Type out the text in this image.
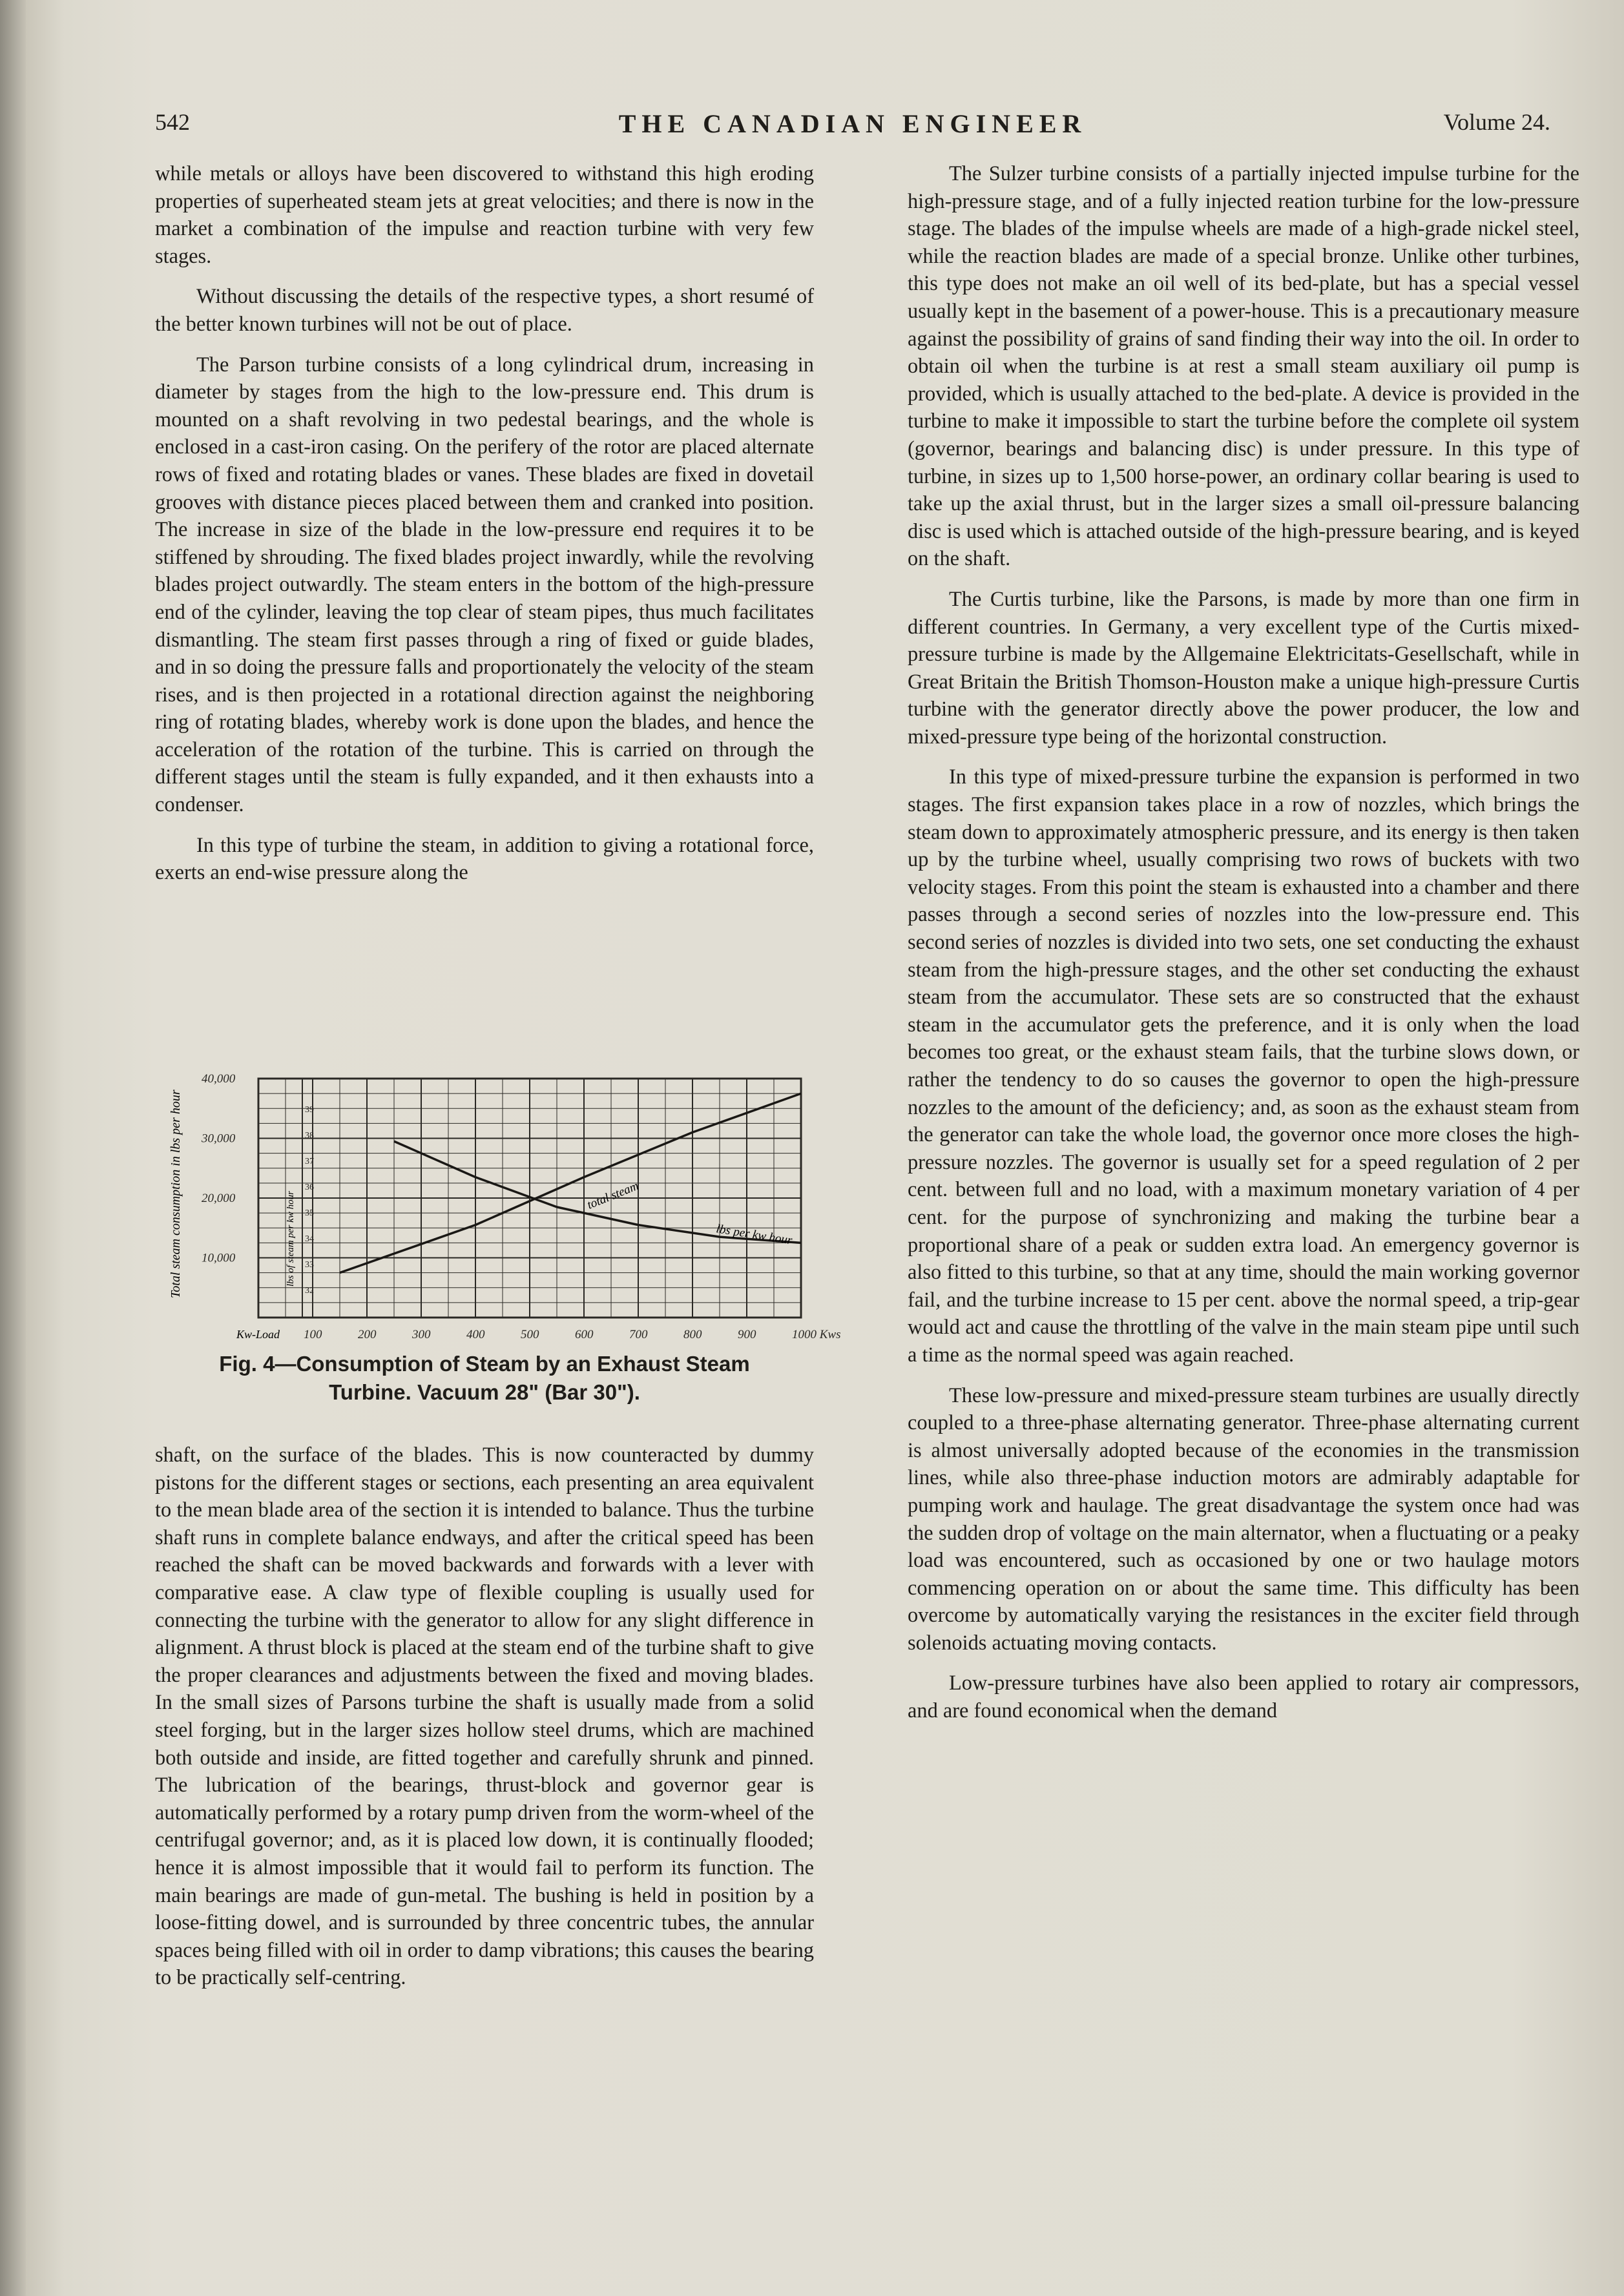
542	THE CANADIAN ENGINEER	Volume 24.

while metals or alloys have been discovered to withstand this high eroding properties of superheated steam jets at great velocities; and there is now in the market a combination of the impulse and reaction turbine with very few stages.

Without discussing the details of the respective types, a short resumé of the better known turbines will not be out of place.

The Parson turbine consists of a long cylindrical drum, increasing in diameter by stages from the high to the low-pressure end. This drum is mounted on a shaft revolving in two pedestal bearings, and the whole is enclosed in a cast-iron casing. On the perifery of the rotor are placed alternate rows of fixed and rotating blades or vanes. These blades are fixed in dovetail grooves with distance pieces placed between them and cranked into position. The increase in size of the blade in the low-pressure end requires it to be stiffened by shrouding. The fixed blades project inwardly, while the revolving blades project outwardly. The steam enters in the bottom of the high-pressure end of the cylinder, leaving the top clear of steam pipes, thus much facilitates dismantling. The steam first passes through a ring of fixed or guide blades, and in so doing the pressure falls and proportionately the velocity of the steam rises, and is then projected in a rotational direction against the neighboring ring of rotating blades, whereby work is done upon the blades, and hence the acceleration of the rotation of the turbine. This is carried on through the different stages until the steam is fully expanded, and it then exhausts into a condenser.

In this type of turbine the steam, in addition to giving a rotational force, exerts an end-wise pressure along the

100	200	300	400	500	600	700	800	900	1000 Kws
10,000
20,000
30,000
40,000
32
33
34
35
36
37
38
39
Total steam consumption in lbs per hour	lbs of steam per kw hour	total steam
lbs per kw hour
Kw-Load
Fig. 4—Consumption of Steam by an Exhaust Steam
Turbine. Vacuum 28" (Bar 30").

shaft, on the surface of the blades. This is now counteracted by dummy pistons for the different stages or sections, each presenting an area equivalent to the mean blade area of the section it is intended to balance. Thus the turbine shaft runs in complete balance endways, and after the critical speed has been reached the shaft can be moved backwards and forwards with a lever with comparative ease. A claw type of flexible coupling is usually used for connecting the turbine with the generator to allow for any slight difference in alignment. A thrust block is placed at the steam end of the turbine shaft to give the proper clearances and adjustments between the fixed and moving blades. In the small sizes of Parsons turbine the shaft is usually made from a solid steel forging, but in the larger sizes hollow steel drums, which are machined both outside and inside, are fitted together and carefully shrunk and pinned. The lubrication of the bearings, thrust-block and governor gear is automatically performed by a rotary pump driven from the worm-wheel of the centrifugal governor; and, as it is placed low down, it is continually flooded; hence it is almost impossible that it would fail to perform its function. The main bearings are made of gun-metal. The bushing is held in position by a loose-fitting dowel, and is surrounded by three concentric tubes, the annular spaces being filled with oil in order to damp vibrations; this causes the bearing to be practically self-centring.

The Sulzer turbine consists of a partially injected impulse turbine for the high-pressure stage, and of a fully injected reation turbine for the low-pressure stage. The blades of the impulse wheels are made of a high-grade nickel steel, while the reaction blades are made of a special bronze. Unlike other turbines, this type does not make an oil well of its bed-plate, but has a special vessel usually kept in the basement of a power-house. This is a precautionary measure against the possibility of grains of sand finding their way into the oil. In order to obtain oil when the turbine is at rest a small steam auxiliary oil pump is provided, which is usually attached to the bed-plate. A device is provided in the turbine to make it impossible to start the turbine before the complete oil system (governor, bearings and balancing disc) is under pressure. In this type of turbine, in sizes up to 1,500 horse-power, an ordinary collar bearing is used to take up the axial thrust, but in the larger sizes a small oil-pressure balancing disc is used which is attached outside of the high-pressure bearing, and is keyed on the shaft.

The Curtis turbine, like the Parsons, is made by more than one firm in different countries. In Germany, a very excellent type of the Curtis mixed-pressure turbine is made by the Allgemaine Elektricitats-Gesellschaft, while in Great Britain the British Thomson-Houston make a unique high-pressure Curtis turbine with the generator directly above the power producer, the low and mixed-pressure type being of the horizontal construction.

In this type of mixed-pressure turbine the expansion is performed in two stages. The first expansion takes place in a row of nozzles, which brings the steam down to approximately atmospheric pressure, and its energy is then taken up by the turbine wheel, usually comprising two rows of buckets with two velocity stages. From this point the steam is exhausted into a chamber and there passes through a second series of nozzles into the low-pressure end. This second series of nozzles is divided into two sets, one set conducting the exhaust steam from the high-pressure stages, and the other set conducting the exhaust steam from the accumulator. These sets are so constructed that the exhaust steam in the accumulator gets the preference, and it is only when the load becomes too great, or the exhaust steam fails, that the turbine slows down, or rather the tendency to do so causes the governor to open the high-pressure nozzles to the amount of the deficiency; and, as soon as the exhaust steam from the generator can take the whole load, the governor once more closes the high-pressure nozzles. The governor is usually set for a speed regulation of 2 per cent. between full and no load, with a maximum monetary variation of 4 per cent. for the purpose of synchronizing and making the turbine bear a proportional share of a peak or sudden extra load. An emergency governor is also fitted to this turbine, so that at any time, should the main working governor fail, and the turbine increase to 15 per cent. above the normal speed, a trip-gear would act and cause the throttling of the valve in the main steam pipe until such a time as the normal speed was again reached.

These low-pressure and mixed-pressure steam turbines are usually directly coupled to a three-phase alternating generator. Three-phase alternating current is almost universally adopted because of the economies in the transmission lines, while also three-phase induction motors are admirably adaptable for pumping work and haulage. The great disadvantage the system once had was the sudden drop of voltage on the main alternator, when a fluctuating or a peaky load was encountered, such as occasioned by one or two haulage motors commencing operation on or about the same time. This difficulty has been overcome by automatically varying the resistances in the exciter field through solenoids actuating moving contacts.

Low-pressure turbines have also been applied to rotary air compressors, and are found economical when the demand
